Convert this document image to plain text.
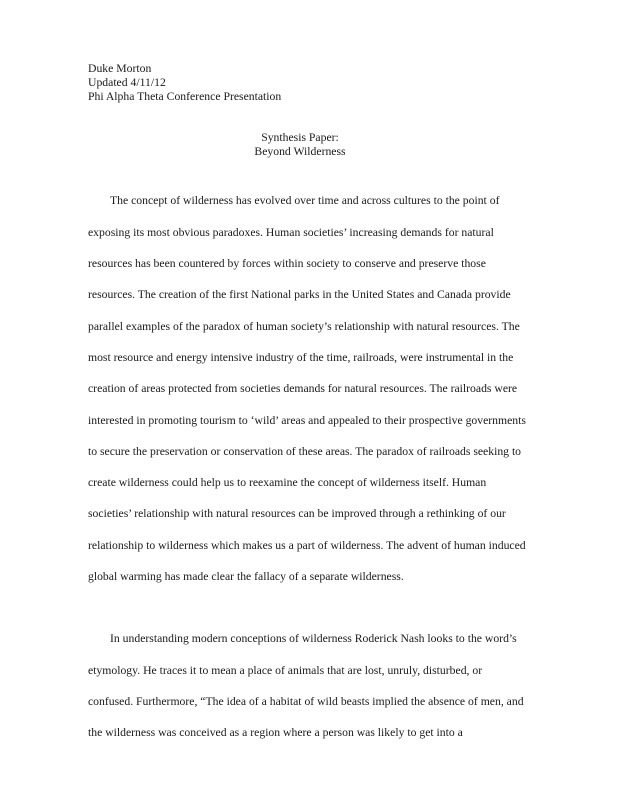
Duke Morton
Updated 4/11/12
Phi Alpha Theta Conference Presentation
Synthesis Paper:
Beyond Wilderness

The concept of wilderness has evolved over time and across cultures to the point of exposing its most obvious paradoxes. Human societies’ increasing demands for natural resources has been countered by forces within society to conserve and preserve those resources. The creation of the first National parks in the United States and Canada provide parallel examples of the paradox of human society’s relationship with natural resources. The most resource and energy intensive industry of the time, railroads, were instrumental in the creation of areas protected from societies demands for natural resources. The railroads were interested in promoting tourism to ‘wild’ areas and appealed to their prospective governments to secure the preservation or conservation of these areas. The paradox of railroads seeking to create wilderness could help us to reexamine the concept of wilderness itself. Human societies’ relationship with natural resources can be improved through a rethinking of our relationship to wilderness which makes us a part of wilderness. The advent of human induced global warming has made clear the fallacy of a separate wilderness.

In understanding modern conceptions of wilderness Roderick Nash looks to the word’s etymology. He traces it to mean a place of animals that are lost, unruly, disturbed, or confused. Furthermore, “The idea of a habitat of wild beasts implied the absence of men, and the wilderness was conceived as a region where a person was likely to get into a
